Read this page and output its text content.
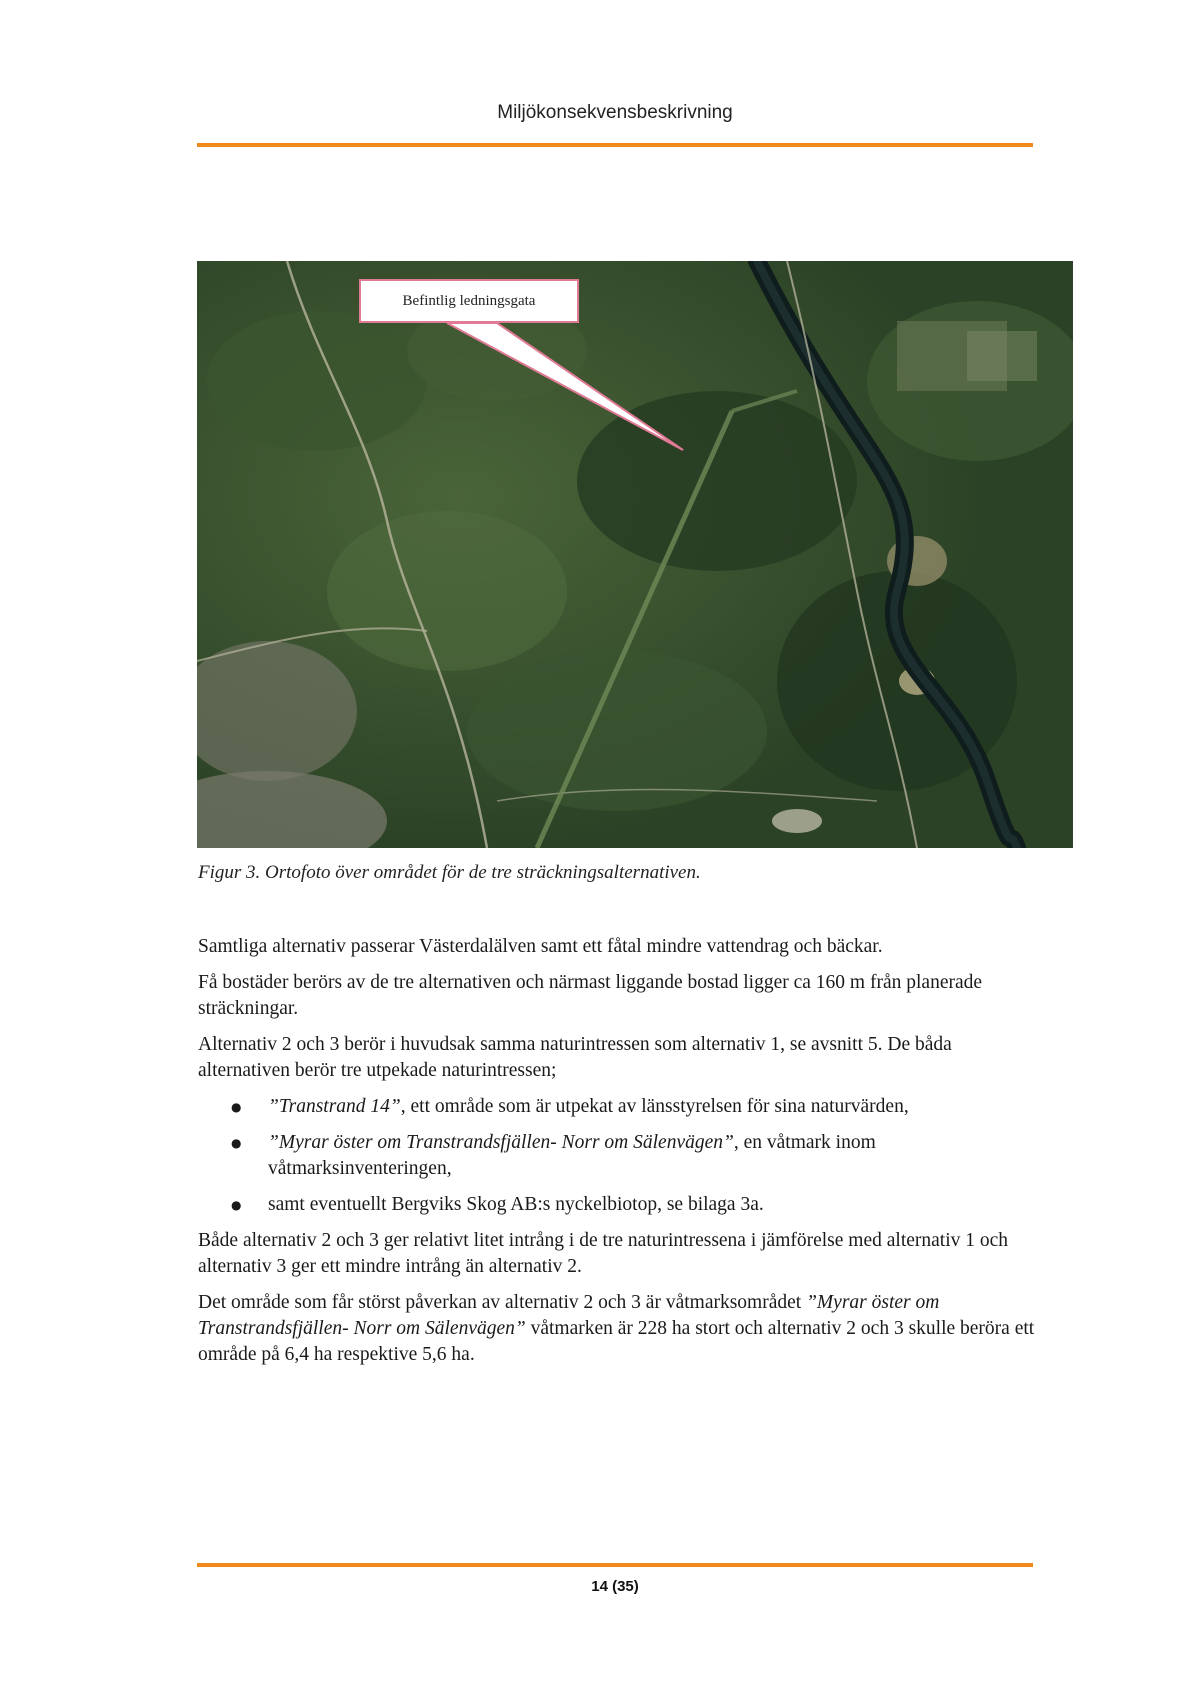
Miljökonsekvensbeskrivning
Befintlig ledningsgata
Figur 3. Ortofoto över området för de tre sträckningsalternativen.

Samtliga alternativ passerar Västerdalälven samt ett fåtal mindre vattendrag och bäckar.

Få bostäder berörs av de tre alternativen och närmast liggande bostad ligger ca 160 m från planerade sträckningar.

Alternativ 2 och 3 berör i huvudsak samma naturintressen som alternativ 1, se avsnitt 5. De båda alternativen berör tre utpekade naturintressen;

● ”Transtrand 14”, ett område som är utpekat av länsstyrelsen för sina naturvärden,
● ”Myrar öster om Transtrandsfjällen- Norr om Sälenvägen”, en våtmark inom våtmarksinventeringen,
● samt eventuellt Bergviks Skog AB:s nyckelbiotop, se bilaga 3a.

Både alternativ 2 och 3 ger relativt litet intrång i de tre naturintressena i jämförelse med alternativ 1 och alternativ 3 ger ett mindre intrång än alternativ 2.

Det område som får störst påverkan av alternativ 2 och 3 är våtmarksområdet ”Myrar öster om Transtrandsfjällen- Norr om Sälenvägen” våtmarken är 228 ha stort och alternativ 2 och 3 skulle beröra ett område på 6,4 ha respektive 5,6 ha.

14 (35)
